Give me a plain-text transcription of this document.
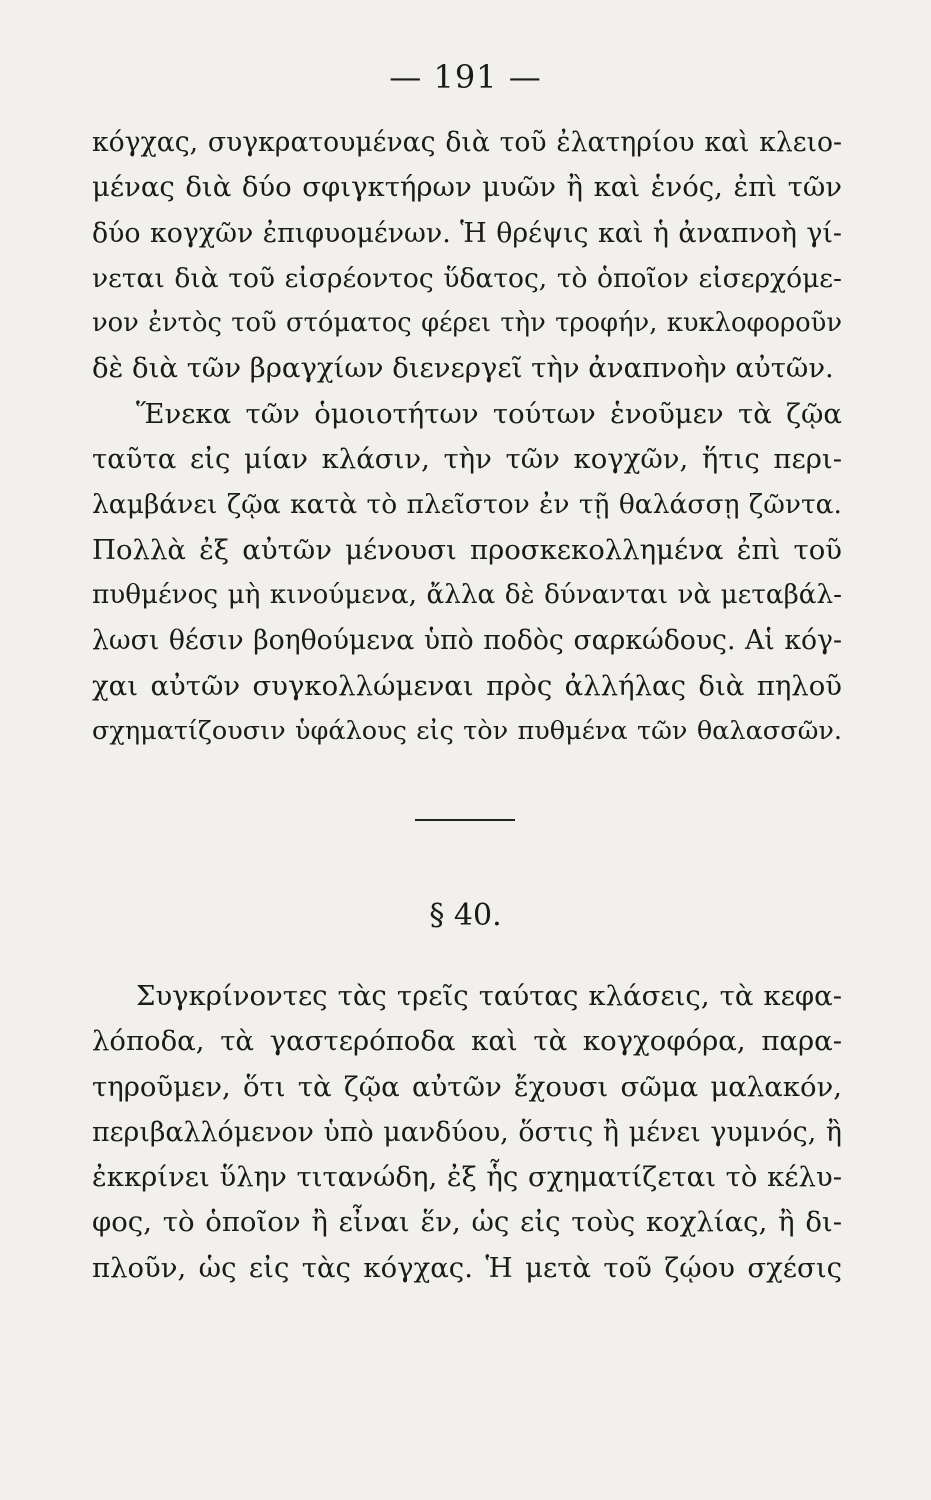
— 191 —
κόγχας, συγκρατουμένας διὰ τοῦ ἐλατηρίου καὶ κλειο-
μένας διὰ δύο σφιγκτήρων μυῶν ἢ καὶ ἑνός, ἐπὶ τῶν
δύο κογχῶν ἐπιφυομένων. Ἡ θρέψις καὶ ἡ ἀναπνοὴ γί-
νεται διὰ τοῦ εἰσρέοντος ὕδατος, τὸ ὁποῖον εἰσερχόμε-
νον ἐντὸς τοῦ στόματος φέρει τὴν τροφήν, κυκλοφοροῦν
δὲ διὰ τῶν βραγχίων διενεργεῖ τὴν ἀναπνοὴν αὐτῶν.
Ἕνεκα τῶν ὁμοιοτήτων τούτων ἑνοῦμεν τὰ ζῷα
ταῦτα εἰς μίαν κλάσιν, τὴν τῶν κογχῶν, ἥτις περι-
λαμβάνει ζῷα κατὰ τὸ πλεῖστον ἐν τῇ θαλάσσῃ ζῶντα.
Πολλὰ ἐξ αὐτῶν μένουσι προσκεκολλημένα ἐπὶ τοῦ
πυθμένος μὴ κινούμενα, ἄλλα δὲ δύνανται νὰ μεταβάλ-
λωσι θέσιν βοηθούμενα ὑπὸ ποδὸς σαρκώδους. Αἱ κόγ-
χαι αὐτῶν συγκολλώμεναι πρὸς ἀλλήλας διὰ πηλοῦ
σχηματίζουσιν ὑφάλους εἰς τὸν πυθμένα τῶν θαλασσῶν.
§ 40.
Συγκρίνοντες τὰς τρεῖς ταύτας κλάσεις, τὰ κεφα-
λόποδα, τὰ γαστερόποδα καὶ τὰ κογχοφόρα, παρα-
τηροῦμεν, ὅτι τὰ ζῷα αὐτῶν ἔχουσι σῶμα μαλακόν,
περιβαλλόμενον ὑπὸ μανδύου, ὅστις ἢ μένει γυμνός, ἢ
ἐκκρίνει ὕλην τιτανώδη, ἐξ ἧς σχηματίζεται τὸ κέλυ-
φος, τὸ ὁποῖον ἢ εἶναι ἕν, ὡς εἰς τοὺς κοχλίας, ἢ δι-
πλοῦν, ὡς εἰς τὰς κόγχας. Ἡ μετὰ τοῦ ζῴου σχέσις
